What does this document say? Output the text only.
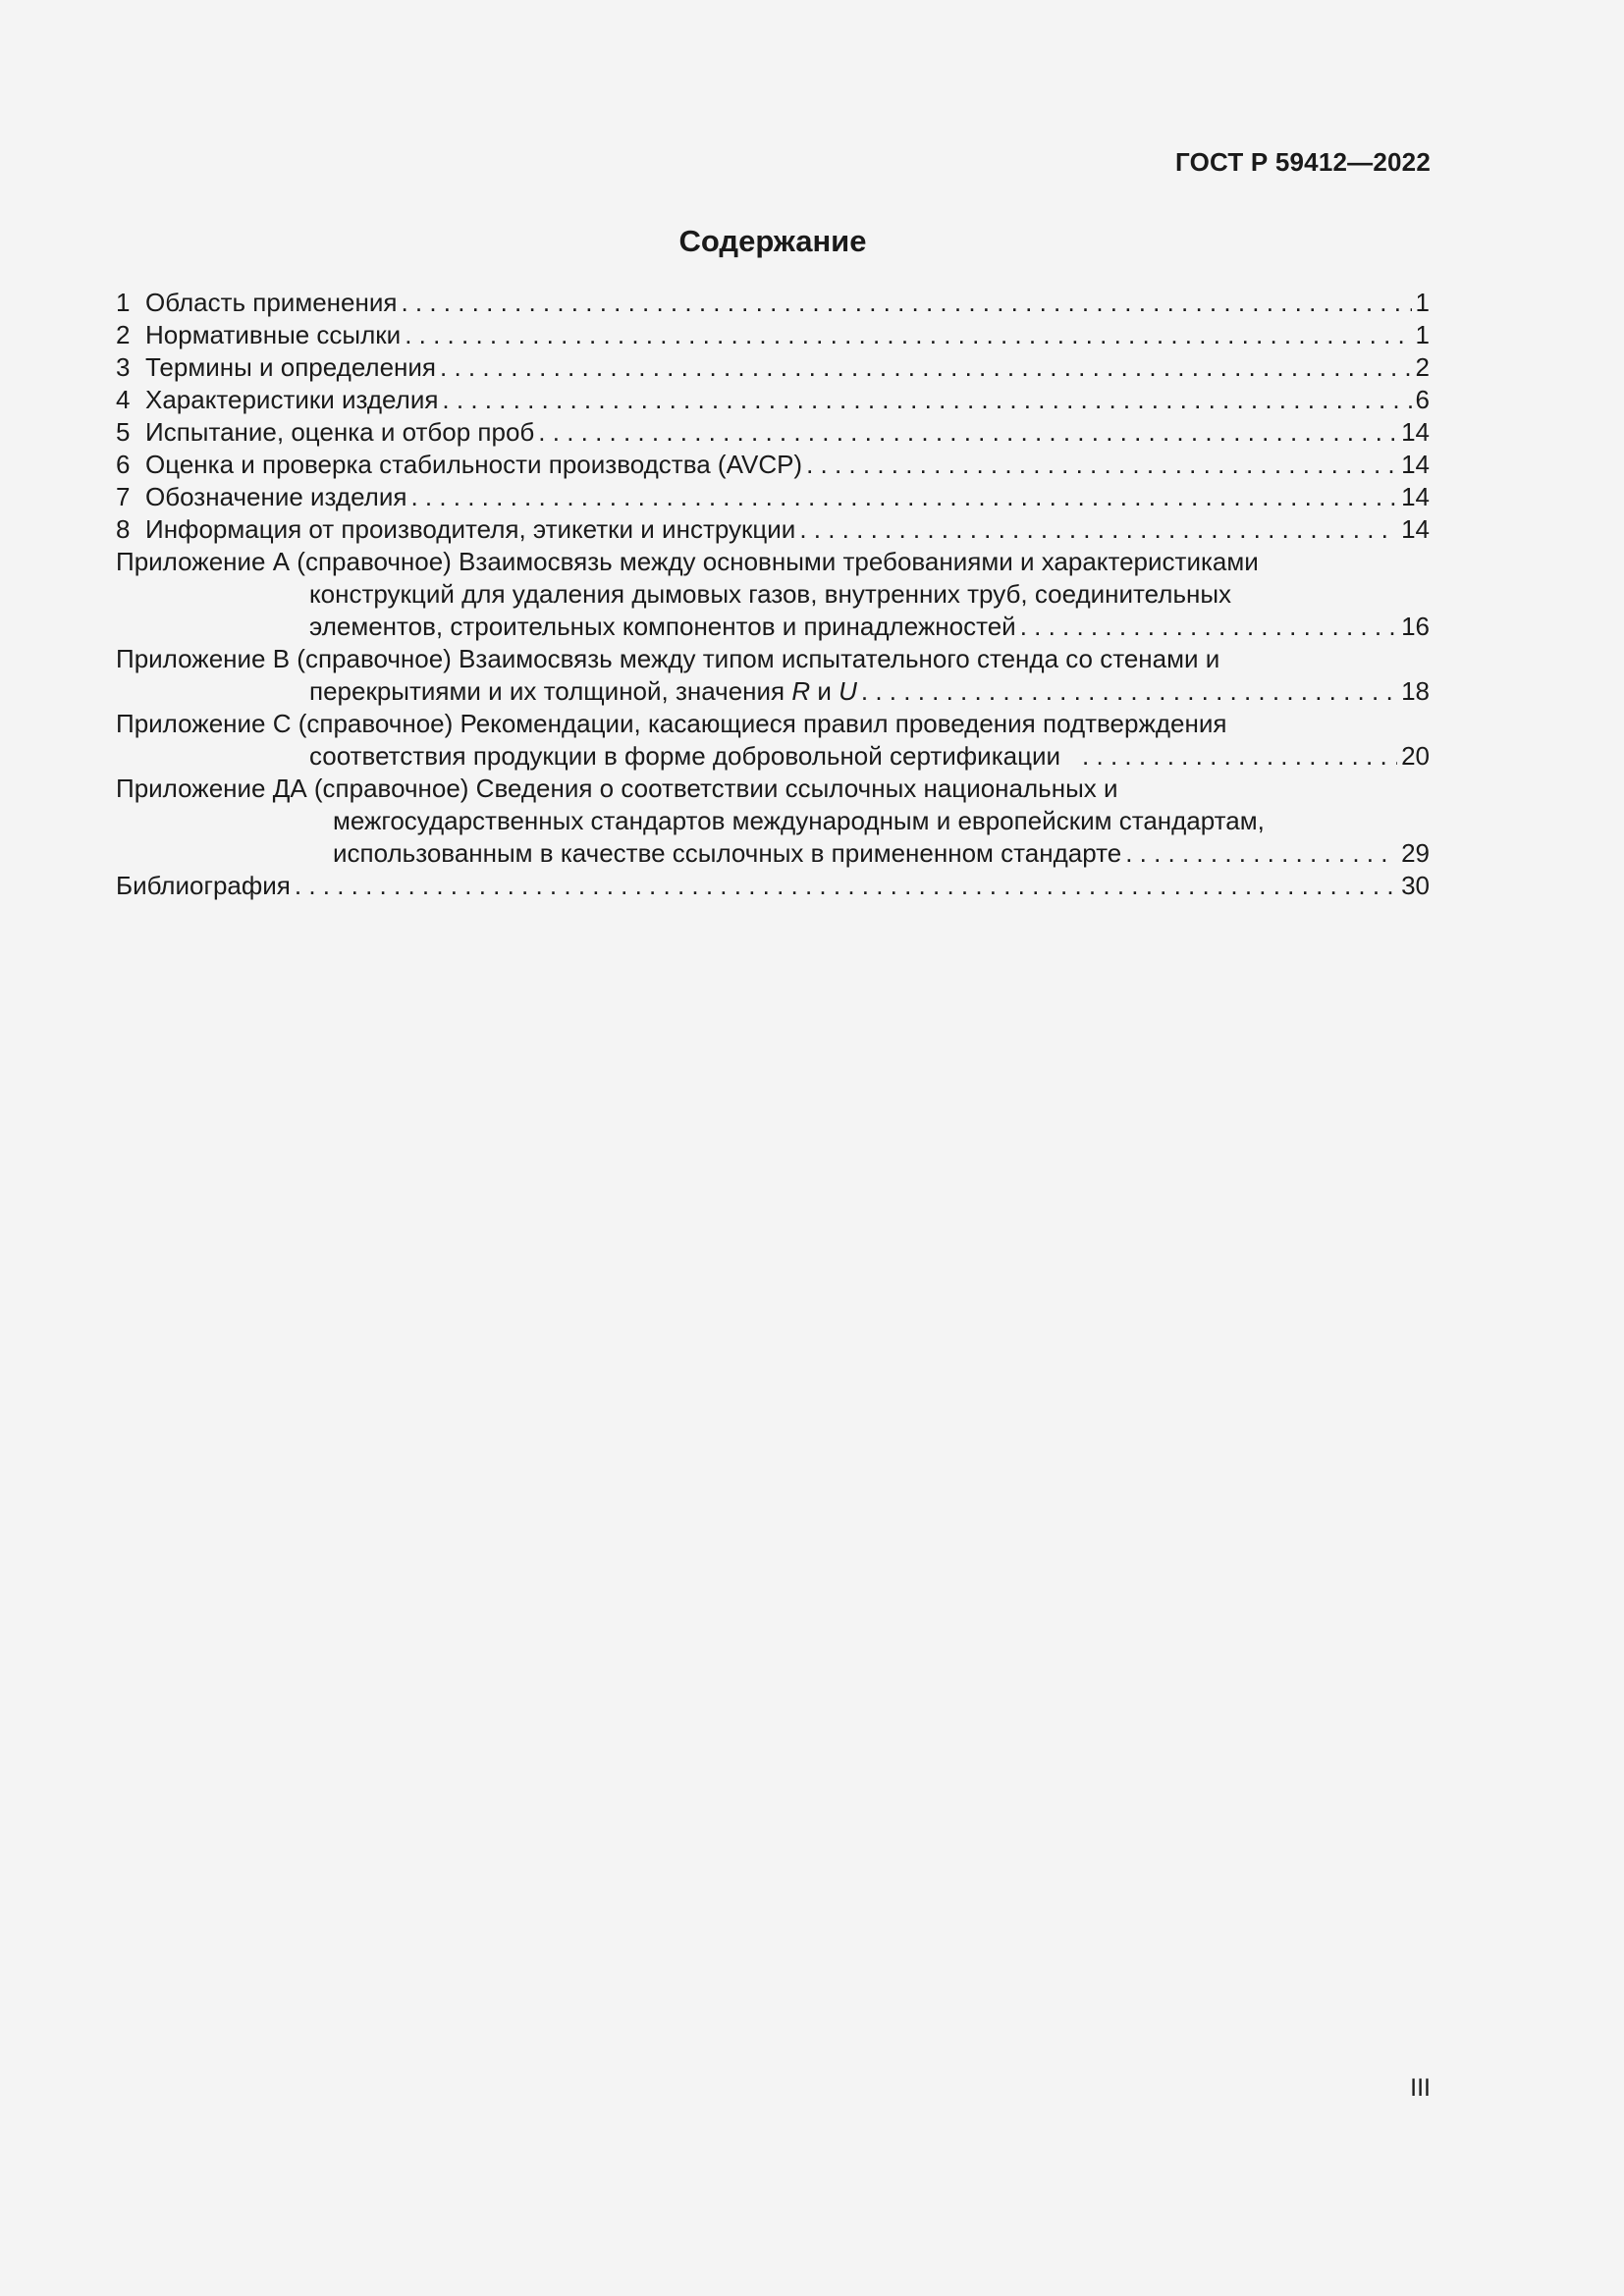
ГОСТ Р 59412—2022
Содержание
1 Область применения . . .	1
2 Нормативные ссылки . . .	1
3 Термины и определения . . .	2
4 Характеристики изделия . . .	6
5 Испытание, оценка и отбор проб . . .	14
6 Оценка и проверка стабильности производства (AVCP) . . .	14
7 Обозначение изделия . . .	14
8 Информация от производителя, этикетки и инструкции . . .	14
Приложение А (справочное) Взаимосвязь между основными требованиями и характеристиками
конструкций для удаления дымовых газов, внутренних труб, соединительных
элементов, строительных компонентов и принадлежностей . . .	16
Приложение В (справочное) Взаимосвязь между типом испытательного стенда со стенами и
перекрытиями и их толщиной, значения R и U . . .	18
Приложение С (справочное) Рекомендации, касающиеся правил проведения подтверждения
соответствия продукции в форме добровольной сертификации . . .	20
Приложение ДА (справочное) Сведения о соответствии ссылочных национальных и
межгосударственных стандартов международным и европейским стандартам,
использованным в качестве ссылочных в примененном стандарте . . .	29
Библиография . . .	30
III
